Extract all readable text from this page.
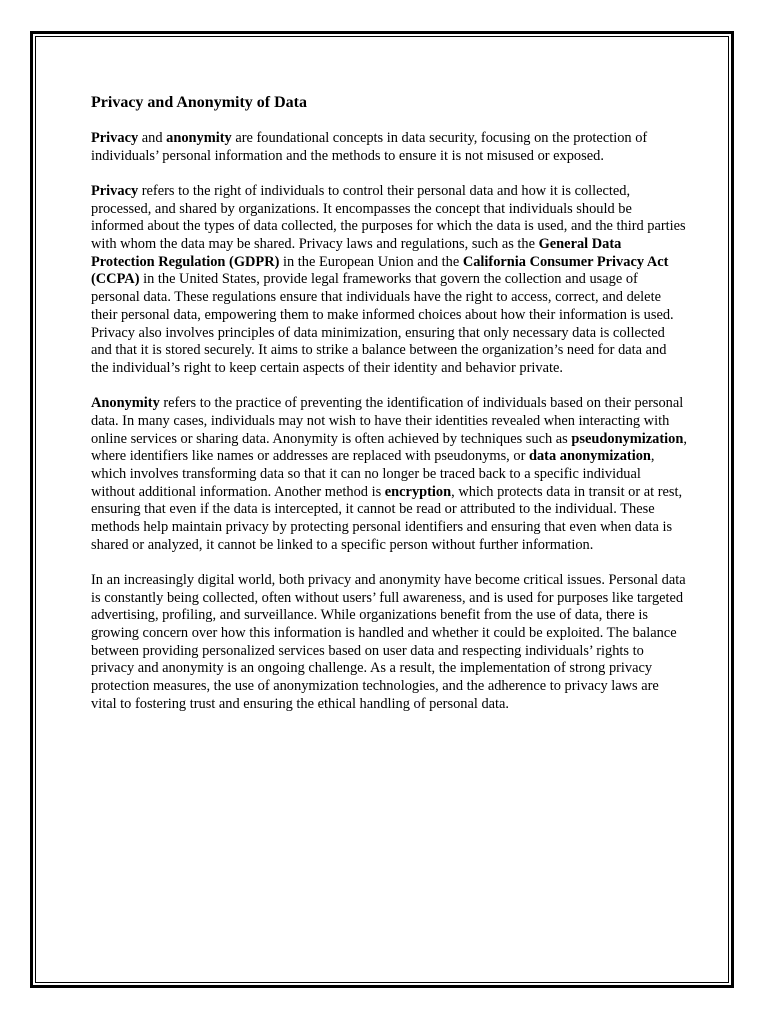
Privacy and Anonymity of Data

Privacy and anonymity are foundational concepts in data security, focusing on the protection of individuals’ personal information and the methods to ensure it is not misused or exposed.

Privacy refers to the right of individuals to control their personal data and how it is collected, processed, and shared by organizations. It encompasses the concept that individuals should be informed about the types of data collected, the purposes for which the data is used, and the third parties with whom the data may be shared. Privacy laws and regulations, such as the General Data Protection Regulation (GDPR) in the European Union and the California Consumer Privacy Act (CCPA) in the United States, provide legal frameworks that govern the collection and usage of personal data. These regulations ensure that individuals have the right to access, correct, and delete their personal data, empowering them to make informed choices about how their information is used. Privacy also involves principles of data minimization, ensuring that only necessary data is collected and that it is stored securely. It aims to strike a balance between the organization’s need for data and the individual’s right to keep certain aspects of their identity and behavior private.

Anonymity refers to the practice of preventing the identification of individuals based on their personal data. In many cases, individuals may not wish to have their identities revealed when interacting with online services or sharing data. Anonymity is often achieved by techniques such as pseudonymization, where identifiers like names or addresses are replaced with pseudonyms, or data anonymization, which involves transforming data so that it can no longer be traced back to a specific individual without additional information. Another method is encryption, which protects data in transit or at rest, ensuring that even if the data is intercepted, it cannot be read or attributed to the individual. These methods help maintain privacy by protecting personal identifiers and ensuring that even when data is shared or analyzed, it cannot be linked to a specific person without further information.

In an increasingly digital world, both privacy and anonymity have become critical issues. Personal data is constantly being collected, often without users’ full awareness, and is used for purposes like targeted advertising, profiling, and surveillance. While organizations benefit from the use of data, there is growing concern over how this information is handled and whether it could be exploited. The balance between providing personalized services based on user data and respecting individuals’ rights to privacy and anonymity is an ongoing challenge. As a result, the implementation of strong privacy protection measures, the use of anonymization technologies, and the adherence to privacy laws are vital to fostering trust and ensuring the ethical handling of personal data.
